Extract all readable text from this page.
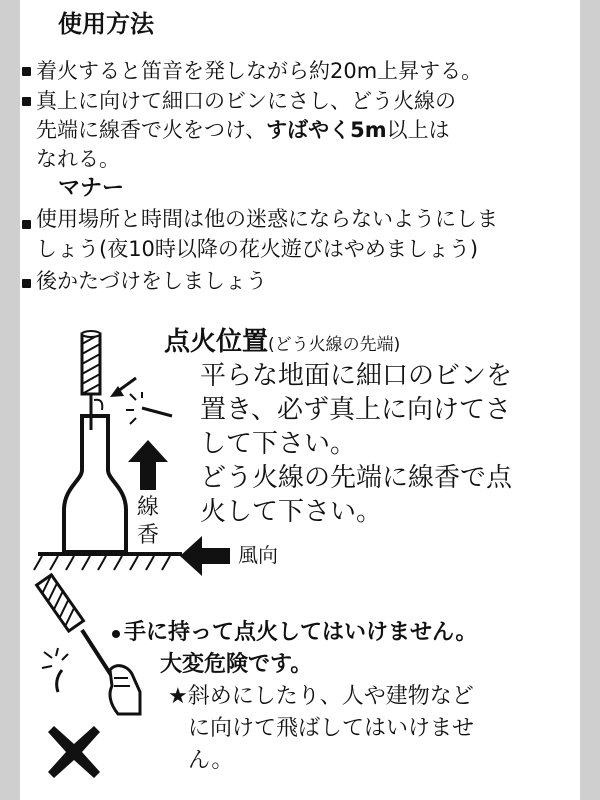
使用方法
着火すると笛音を発しながら約20m上昇する。
真上に向けて細口のビンにさし、どう火線の
先端に線香で火をつけ、すばやく5m以上は
なれる。
マナー
使用場所と時間は他の迷惑にならないようにしま
しょう(夜10時以降の花火遊びはやめましょう)
後かたづけをしましょう
線
香
風向
点火位置(どう火線の先端)
平らな地面に細口のビンを
置き、必ず真上に向けてさ
して下さい。
どう火線の先端に線香で点
火して下さい。
手に持って点火してはいけません。
大変危険です。
★斜めにしたり、人や建物など
に向けて飛ばしてはいけませ
ん。
